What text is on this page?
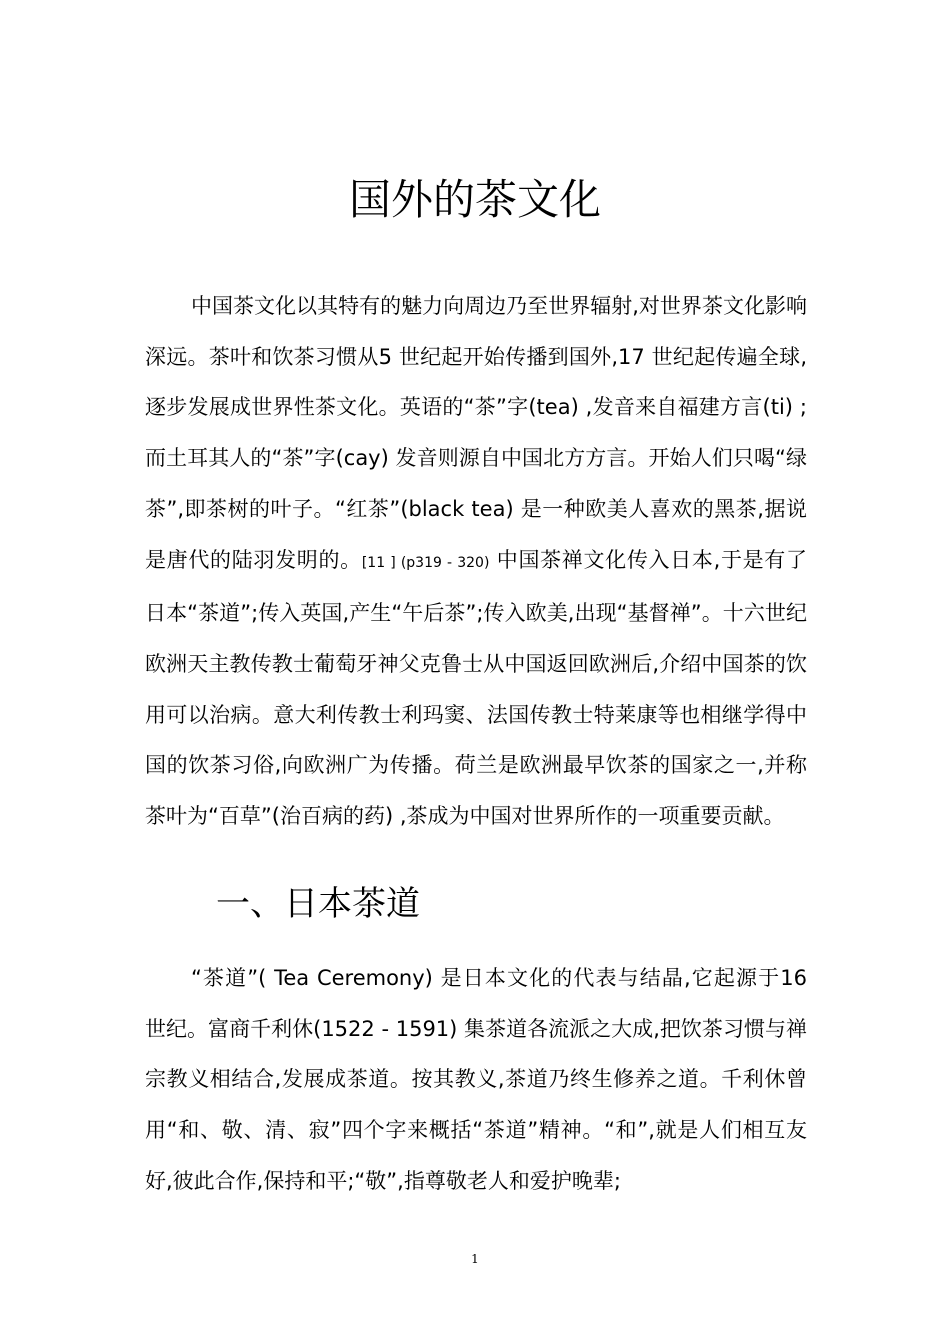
国外的茶文化

中国茶文化以其特有的魅力向周边乃至世界辐射,对世界茶文化影响深远。茶叶和饮茶习惯从5 世纪起开始传播到国外,17 世纪起传遍全球,逐步发展成世界性茶文化。英语的“茶”字(tea) ,发音来自福建方言(ti) ;而土耳其人的“茶”字(cay) 发音则源自中国北方方言。开始人们只喝“绿茶”,即茶树的叶子。“红茶”(black tea) 是一种欧美人喜欢的黑茶,据说是唐代的陆羽发明的。[11 ] (p319 - 320) 中国茶禅文化传入日本,于是有了日本“茶道”;传入英国,产生“午后茶”;传入欧美,出现“基督禅”。十六世纪欧洲天主教传教士葡萄牙神父克鲁士从中国返回欧洲后,介绍中国茶的饮用可以治病。意大利传教士利玛窦、法国传教士特莱康等也相继学得中国的饮茶习俗,向欧洲广为传播。荷兰是欧洲最早饮茶的国家之一,并称茶叶为“百草”(治百病的药) ,茶成为中国对世界所作的一项重要贡献。

一、日本茶道

“茶道”( Tea Ceremony) 是日本文化的代表与结晶,它起源于16 世纪。富商千利休(1522 - 1591) 集茶道各流派之大成,把饮茶习惯与禅宗教义相结合,发展成茶道。按其教义,茶道乃终生修养之道。千利休曾用“和、敬、清、寂”四个字来概括“茶道”精神。“和”,就是人们相互友好,彼此合作,保持和平;“敬”,指尊敬老人和爱护晚辈;

1
